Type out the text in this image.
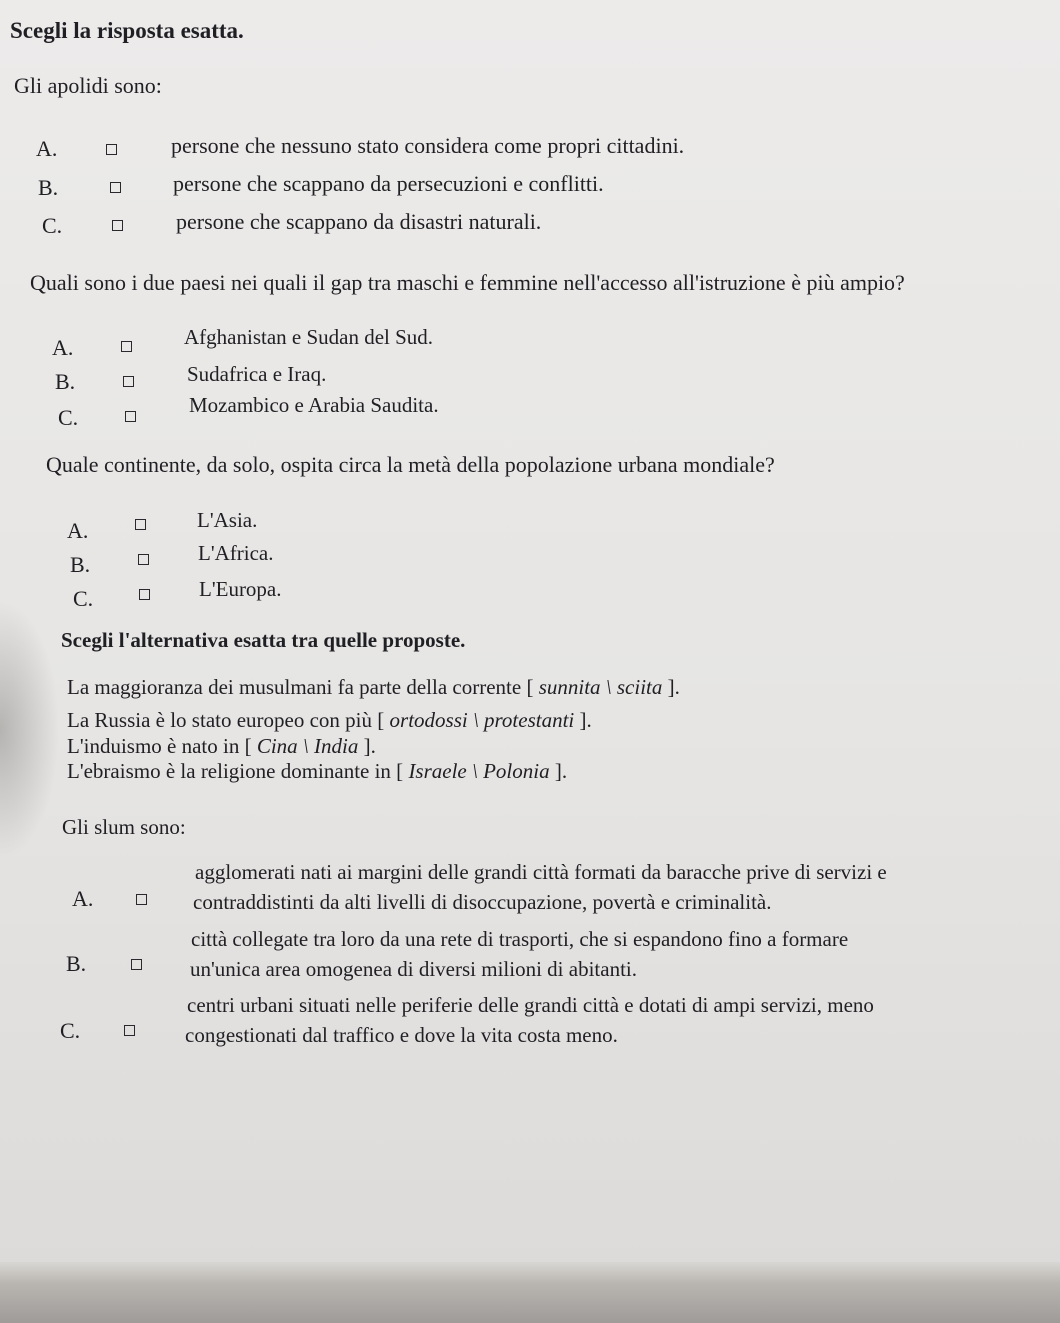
Scegli la risposta esatta.
Gli apolidi sono:
A.	persone che nessuno stato considera come propri cittadini.
B.	persone che scappano da persecuzioni e conflitti.
C.	persone che scappano da disastri naturali.
Quali sono i due paesi nei quali il gap tra maschi e femmine nell'accesso all'istruzione è più ampio?
A.	Afghanistan e Sudan del Sud.
B.	Sudafrica e Iraq.
C.	Mozambico e Arabia Saudita.
Quale continente, da solo, ospita circa la metà della popolazione urbana mondiale?
A.	L'Asia.
B.	L'Africa.
C.	L'Europa.
Scegli l'alternativa esatta tra quelle proposte.
La maggioranza dei musulmani fa parte della corrente [ sunnita \ sciita ].
La Russia è lo stato europeo con più [ ortodossi \ protestanti ].
L'induismo è nato in [ Cina \ India ].
L'ebraismo è la religione dominante in [ Israele \ Polonia ].
Gli slum sono:
A.
agglomerati nati ai margini delle grandi città formati da baracche prive di servizi e
contraddistinti da alti livelli di disoccupazione, povertà e criminalità.
B.
città collegate tra loro da una rete di trasporti, che si espandono fino a formare
un'unica area omogenea di diversi milioni di abitanti.
C.
centri urbani situati nelle periferie delle grandi città e dotati di ampi servizi, meno
congestionati dal traffico e dove la vita costa meno.
